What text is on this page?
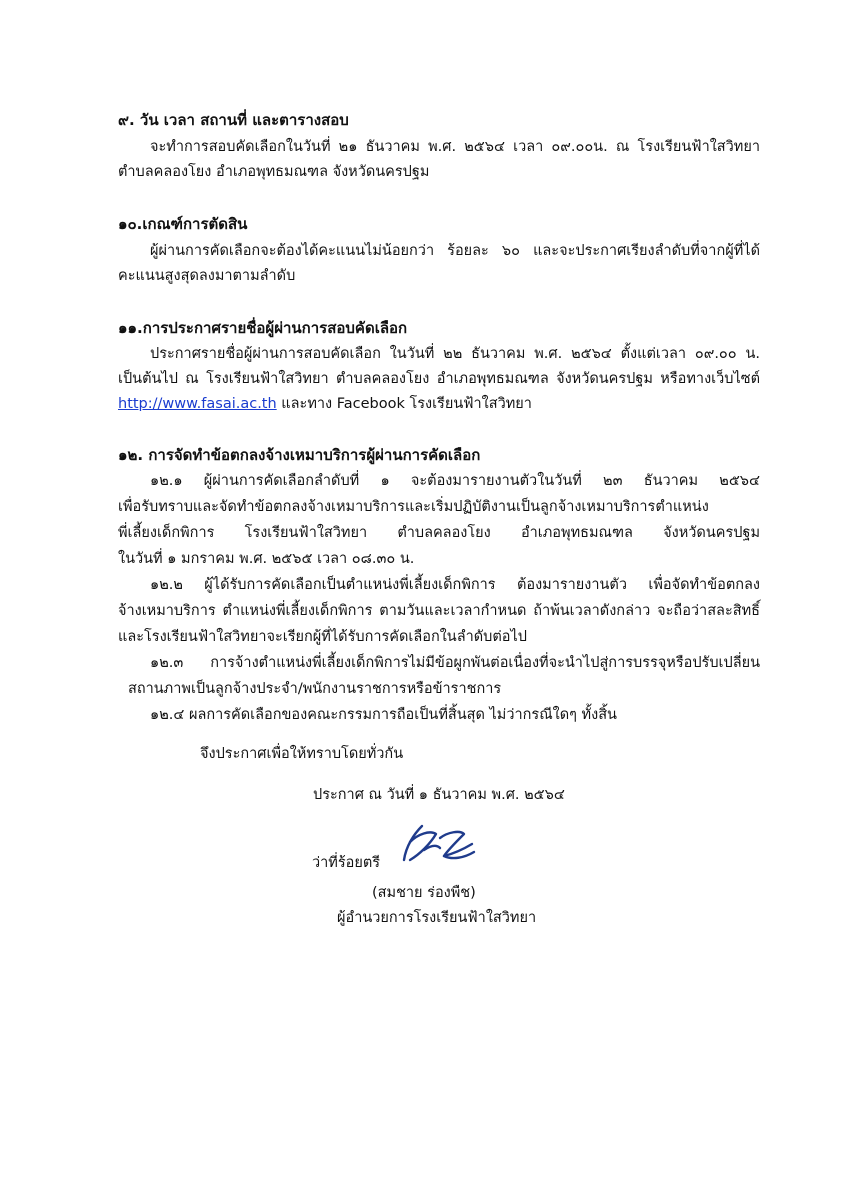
๙. วัน เวลา สถานที่ และตารางสอบ
จะทำการสอบคัดเลือกในวันที่ ๒๑ ธันวาคม พ.ศ. ๒๕๖๔ เวลา ๐๙.๐๐น. ณ โรงเรียนฟ้าใสวิทยา
ตำบลคลองโยง อำเภอพุทธมณฑล จังหวัดนครปฐม
๑๐.เกณฑ์การตัดสิน
ผู้ผ่านการคัดเลือกจะต้องได้คะแนนไม่น้อยกว่า ร้อยละ ๖๐ และจะประกาศเรียงลำดับที่จากผู้ที่ได้
คะแนนสูงสุดลงมาตามลำดับ
๑๑.การประกาศรายชื่อผู้ผ่านการสอบคัดเลือก
ประกาศรายชื่อผู้ผ่านการสอบคัดเลือก ในวันที่ ๒๒ ธันวาคม พ.ศ. ๒๕๖๔ ตั้งแต่เวลา ๐๙.๐๐ น.
เป็นต้นไป ณ โรงเรียนฟ้าใสวิทยา ตำบลคลองโยง อำเภอพุทธมณฑล จังหวัดนครปฐม หรือทางเว็บไซต์
http://www.fasai.ac.th และทาง Facebook โรงเรียนฟ้าใสวิทยา
๑๒. การจัดทำข้อตกลงจ้างเหมาบริการผู้ผ่านการคัดเลือก
๑๒.๑ ผู้ผ่านการคัดเลือกลำดับที่ ๑ จะต้องมารายงานตัวในวันที่ ๒๓ ธันวาคม ๒๕๖๔
เพื่อรับทราบและจัดทำข้อตกลงจ้างเหมาบริการและเริ่มปฏิบัติงานเป็นลูกจ้างเหมาบริการตำแหน่ง
พี่เลี้ยงเด็กพิการ โรงเรียนฟ้าใสวิทยา ตำบลคลองโยง อำเภอพุทธมณฑล จังหวัดนครปฐม
ในวันที่ ๑ มกราคม พ.ศ. ๒๕๖๕ เวลา ๐๘.๓๐ น.
๑๒.๒ ผู้ได้รับการคัดเลือกเป็นตำแหน่งพี่เลี้ยงเด็กพิการ ต้องมารายงานตัว เพื่อจัดทำข้อตกลง
จ้างเหมาบริการ ตำแหน่งพี่เลี้ยงเด็กพิการ ตามวันและเวลากำหนด ถ้าพ้นเวลาดังกล่าว จะถือว่าสละสิทธิ์
และโรงเรียนฟ้าใสวิทยาจะเรียกผู้ที่ได้รับการคัดเลือกในลำดับต่อไป
๑๒.๓ การจ้างตำแหน่งพี่เลี้ยงเด็กพิการไม่มีข้อผูกพันต่อเนื่องที่จะนำไปสู่การบรรจุหรือปรับเปลี่ยน
สถานภาพเป็นลูกจ้างประจำ/พนักงานราชการหรือข้าราชการ
๑๒.๔ ผลการคัดเลือกของคณะกรรมการถือเป็นที่สิ้นสุด ไม่ว่ากรณีใดๆ ทั้งสิ้น
จึงประกาศเพื่อให้ทราบโดยทั่วกัน
ประกาศ ณ วันที่ ๑ ธันวาคม พ.ศ. ๒๕๖๔
ว่าที่ร้อยตรี
(สมชาย ร่องพืช)
ผู้อำนวยการโรงเรียนฟ้าใสวิทยา
